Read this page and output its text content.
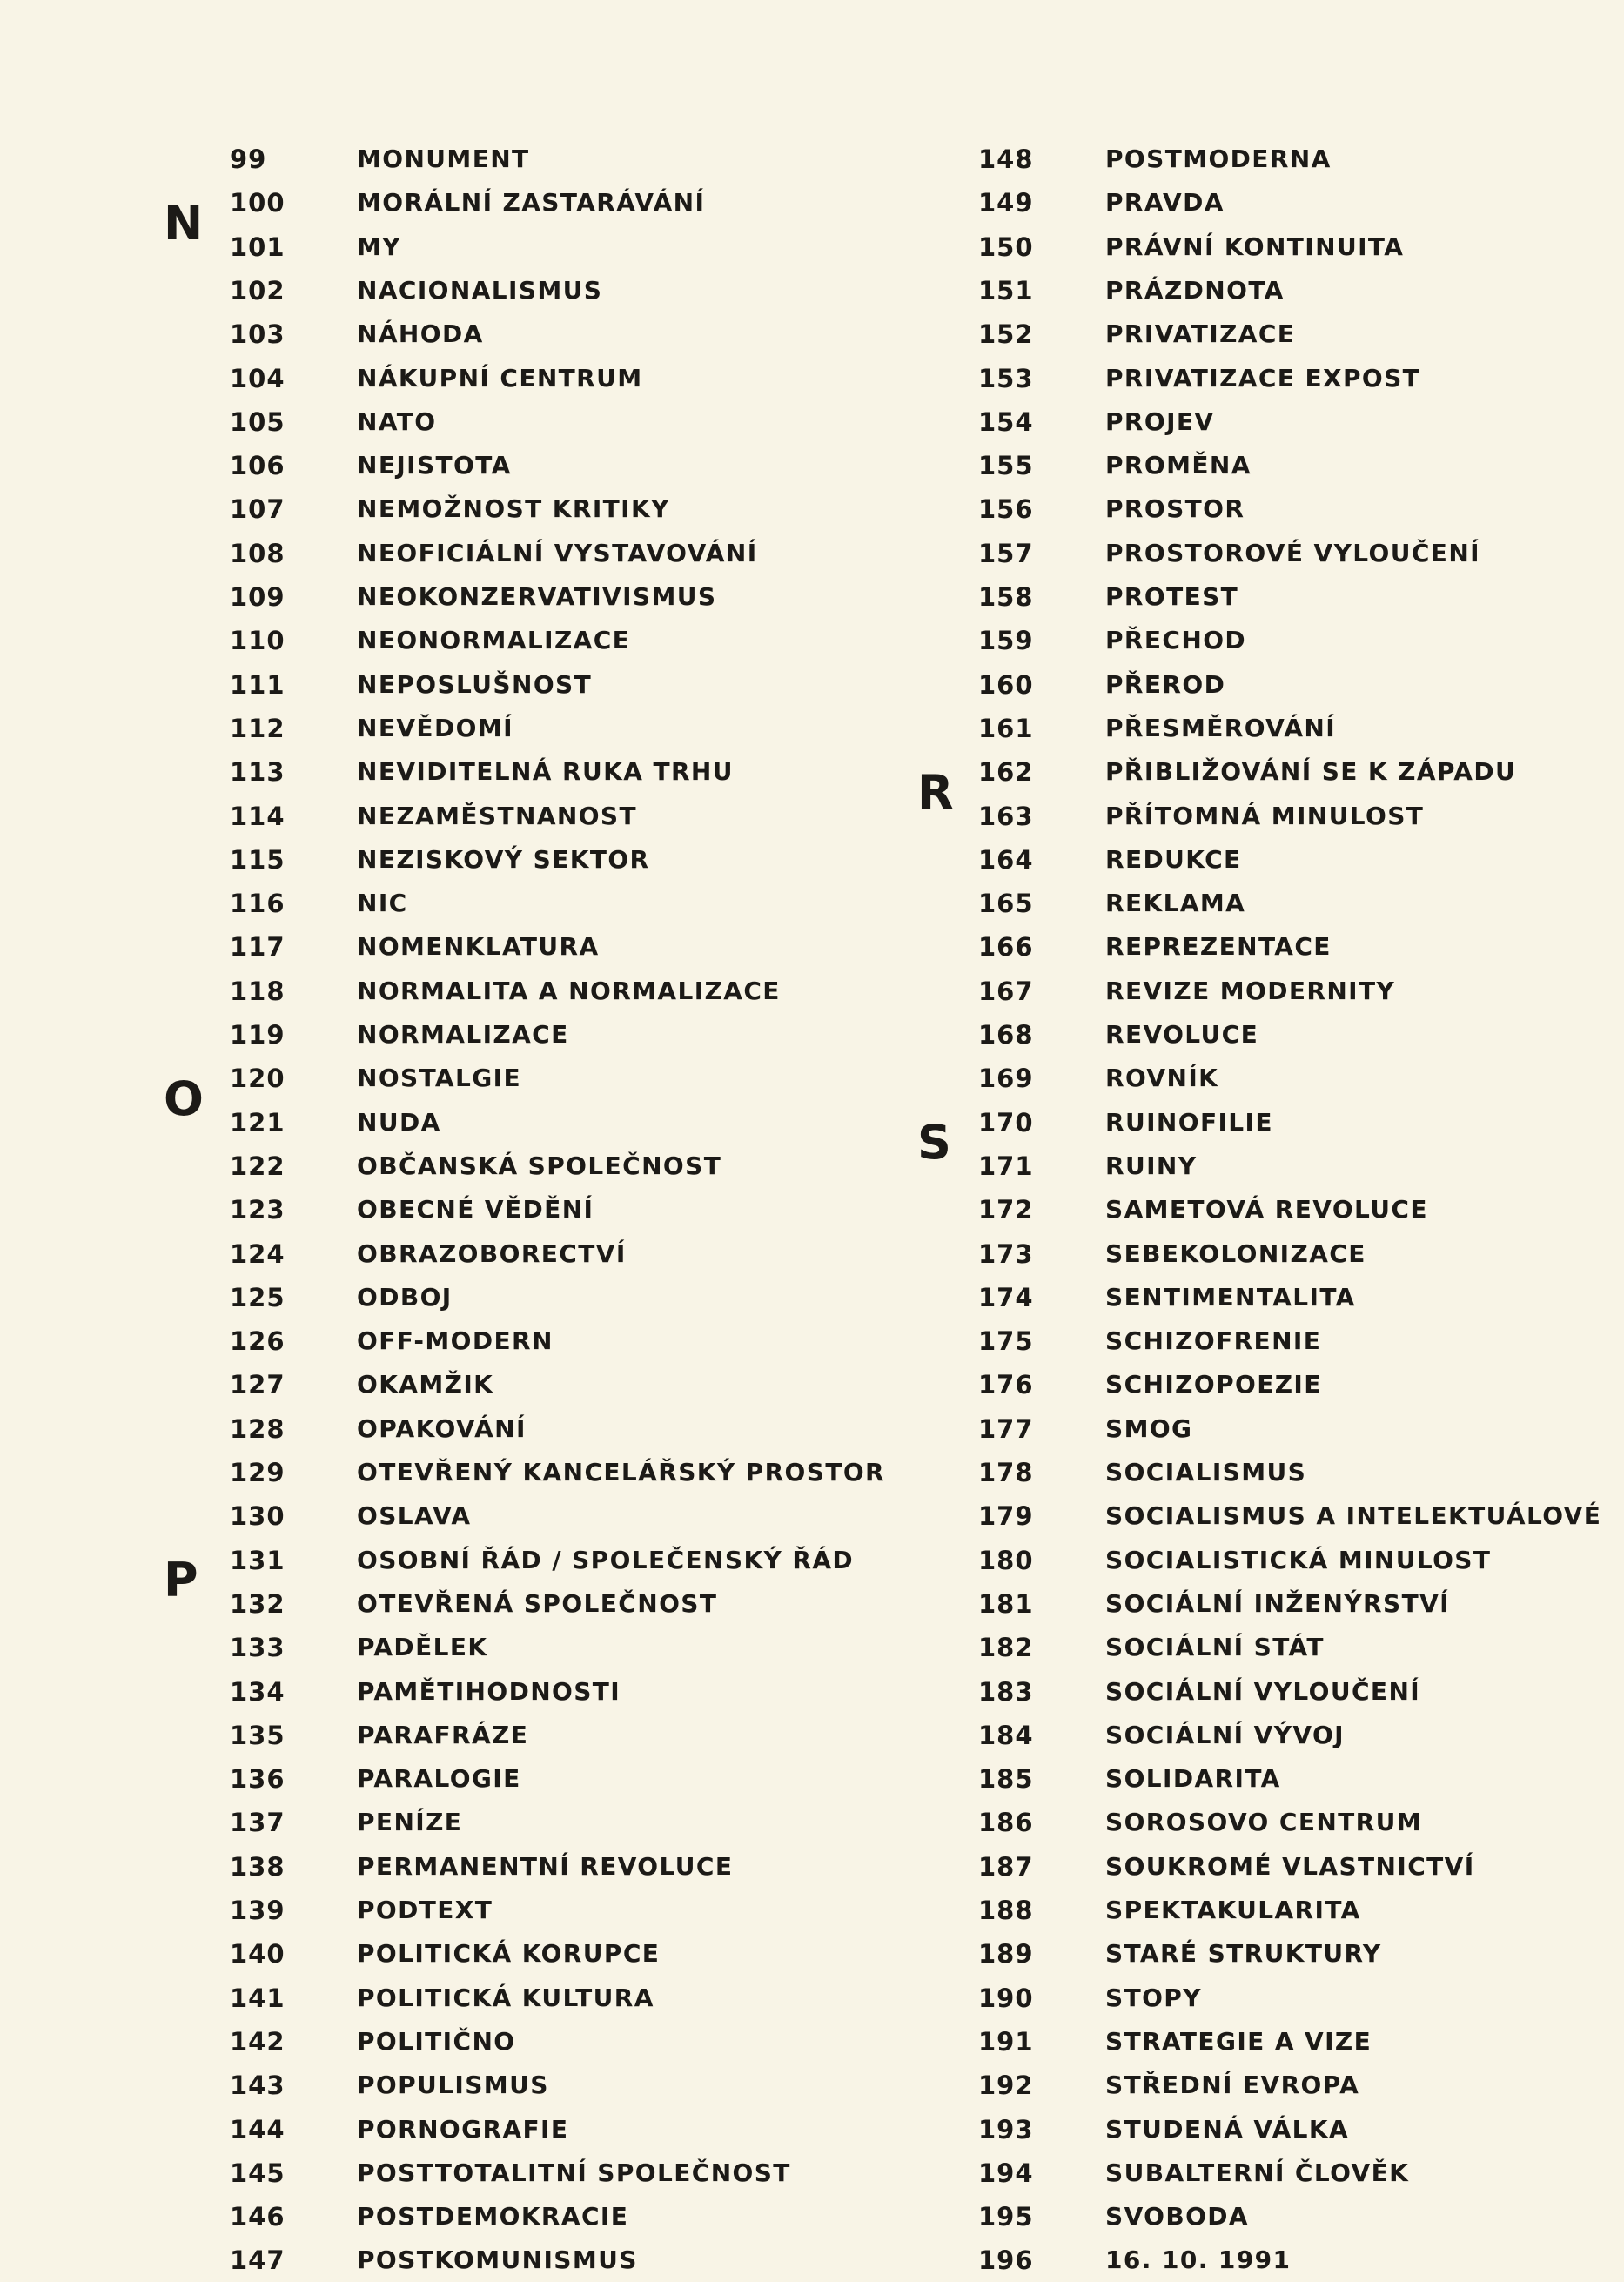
99	MONUMENT
100	MORÁLNÍ ZASTARÁVÁNÍ
101	MY
102	NACIONALISMUS
103	NÁHODA
104	NÁKUPNÍ CENTRUM
105	NATO
106	NEJISTOTA
107	NEMOŽNOST KRITIKY
108	NEOFICIÁLNÍ VYSTAVOVÁNÍ
109	NEOKONZERVATIVISMUS
110	NEONORMALIZACE
111	NEPOSLUŠNOST
112	NEVĚDOMÍ
113	NEVIDITELNÁ RUKA TRHU
114	NEZAMĚSTNANOST
115	NEZISKOVÝ SEKTOR
116	NIC
117	NOMENKLATURA
118	NORMALITA A NORMALIZACE
119	NORMALIZACE
120	NOSTALGIE
121	NUDA
122	OBČANSKÁ SPOLEČNOST
123	OBECNÉ VĚDĚNÍ
124	OBRAZOBORECTVÍ
125	ODBOJ
126	OFF-MODERN
127	OKAMŽIK
128	OPAKOVÁNÍ
129	OTEVŘENÝ KANCELÁŘSKÝ PROSTOR
130	OSLAVA
131	OSOBNÍ ŘÁD / SPOLEČENSKÝ ŘÁD
132	OTEVŘENÁ SPOLEČNOST
133	PADĚLEK
134	PAMĚTIHODNOSTI
135	PARAFRÁZE
136	PARALOGIE
137	PENÍZE
138	PERMANENTNÍ REVOLUCE
139	PODTEXT
140	POLITICKÁ KORUPCE
141	POLITICKÁ KULTURA
142	POLITIČNO
143	POPULISMUS
144	PORNOGRAFIE
145	POSTTOTALITNÍ SPOLEČNOST
146	POSTDEMOKRACIE
147	POSTKOMUNISMUS
148	POSTMODERNA
149	PRAVDA
150	PRÁVNÍ KONTINUITA
151	PRÁZDNOTA
152	PRIVATIZACE
153	PRIVATIZACE EXPOST
154	PROJEV
155	PROMĚNA
156	PROSTOR
157	PROSTOROVÉ VYLOUČENÍ
158	PROTEST
159	PŘECHOD
160	PŘEROD
161	PŘESMĚROVÁNÍ
162	PŘIBLIŽOVÁNÍ SE K ZÁPADU
163	PŘÍTOMNÁ MINULOST
164	REDUKCE
165	REKLAMA
166	REPREZENTACE
167	REVIZE MODERNITY
168	REVOLUCE
169	ROVNÍK
170	RUINOFILIE
171	RUINY
172	SAMETOVÁ REVOLUCE
173	SEBEKOLONIZACE
174	SENTIMENTALITA
175	SCHIZOFRENIE
176	SCHIZOPOEZIE
177	SMOG
178	SOCIALISMUS
179	SOCIALISMUS A INTELEKTUÁLOVÉ
180	SOCIALISTICKÁ MINULOST
181	SOCIÁLNÍ INŽENÝRSTVÍ
182	SOCIÁLNÍ STÁT
183	SOCIÁLNÍ VYLOUČENÍ
184	SOCIÁLNÍ VÝVOJ
185	SOLIDARITA
186	SOROSOVO CENTRUM
187	SOUKROMÉ VLASTNICTVÍ
188	SPEKTAKULARITA
189	STARÉ STRUKTURY
190	STOPY
191	STRATEGIE A VIZE
192	STŘEDNÍ EVROPA
193	STUDENÁ VÁLKA
194	SUBALTERNÍ ČLOVĚK
195	SVOBODA
196	16. 10. 1991
N
O
P
R
S
